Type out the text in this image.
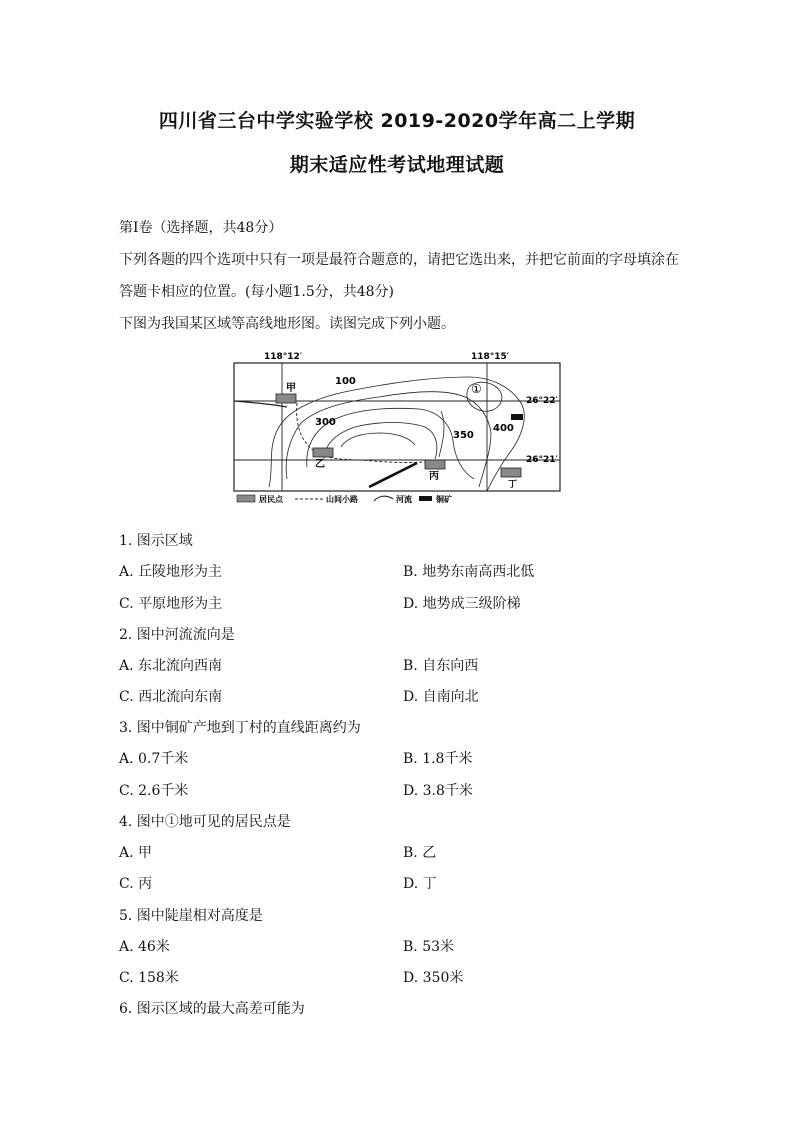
四川省三台中学实验学校 2019-2020学年高二上学期
期末适应性考试地理试题
第Ⅰ卷（选择题，共48分）
下列各题的四个选项中只有一项是最符合题意的，请把它选出来，并把它前面的字母填涂在
答题卡相应的位置。(每小题1.5分，共48分)
下图为我国某区域等高线地形图。读图完成下列小题。
118°12′	118°15′
26°22′
26°21′
甲
乙
丙
丁
①
100
300
350
400
居民点	山间小路	河流	铜矿
1. 图示区域
A. 丘陵地形为主	B. 地势东南高西北低
C. 平原地形为主	D. 地势成三级阶梯
2. 图中河流流向是
A. 东北流向西南	B. 自东向西
C. 西北流向东南	D. 自南向北
3. 图中铜矿产地到丁村的直线距离约为
A. 0.7千米	B. 1.8千米
C. 2.6千米	D. 3.8千米
4. 图中①地可见的居民点是
A. 甲	B. 乙
C. 丙	D. 丁
5. 图中陡崖相对高度是
A. 46米	B. 53米
C. 158米	D. 350米
6. 图示区域的最大高差可能为
